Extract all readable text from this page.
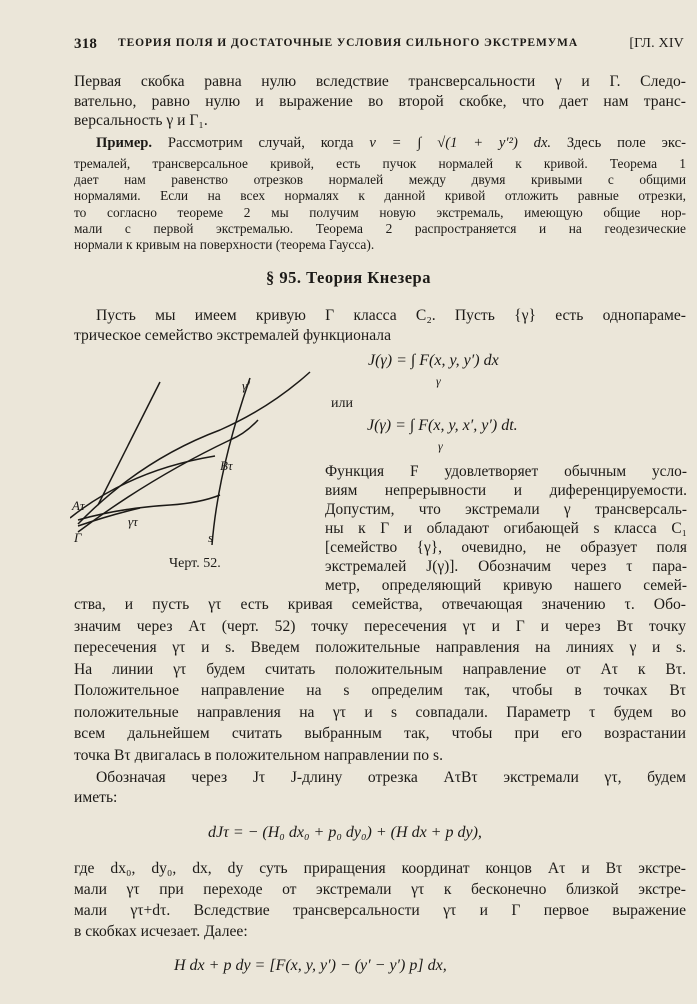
318 ТЕОРИЯ ПОЛЯ И ДОСТАТОЧНЫЕ УСЛОВИЯ СИЛЬНОГО ЭКСТРЕМУМА	[ГЛ. XIV
Первая скобка равна нулю вследствие трансверсальности γ и Γ. Следо-
вательно, равно нулю и выражение во второй скобке, что дает нам транс-
версальность γ и Γ₁.
Пример. Рассмотрим случай, когда v = ∫ √(1 + y′²) dx. Здесь поле экс-
тремалей, трансверсальное кривой, есть пучок нормалей к кривой. Теорема 1
дает нам равенство отрезков нормалей между двумя кривыми с общими
нормалями. Если на всех нормалях к данной кривой отложить равные отрезки,
то согласно теореме 2 мы получим новую экстремаль, имеющую общие нор-
мали с первой экстремалью. Теорема 2 распространяется и на геодезические
нормали к кривым на поверхности (теорема Гаусса).
§ 95. Теория Кнезера
Пусть мы имеем кривую Γ класса C₂. Пусть {γ} есть однопараме-
трическое семейство экстремалей функционала
J(γ) = ∫ F(x, y, y′) dx
γ
или
J(γ) = ∫ F(x, y, x′, y′) dt.
γ
γ′
Bτ
Aτ
γτ
Γ	s
Черт. 52.
Функция F удовлетворяет обычным усло-
виям непрерывности и диференцируемости.
Допустим, что экстремали γ трансверсаль-
ны к Γ и обладают огибающей s класса C₁
[семейство {γ}, очевидно, не образует поля
экстремалей J(γ)]. Обозначим через τ пара-
метр, определяющий кривую нашего семей-
ства, и пусть γτ есть кривая семейства, отвечающая значению τ. Обо-
значим через Aτ (черт. 52) точку пересечения γτ и Γ и через Bτ точку
пересечения γτ и s. Введем положительные направления на линиях γ и s.
На линии γτ будем считать положительным направление от Aτ к Bτ.
Положительное направление на s определим так, чтобы в точках Bτ
положительные направления на γτ и s совпадали. Параметр τ будем во
всем дальнейшем считать выбранным так, чтобы при его возрастании
точка Bτ двигалась в положительном направлении по s.
Обозначая через Jτ J-длину отрезка AτBτ экстремали γτ, будем
иметь:
dJτ = − (H₀ dx₀ + p₀ dy₀) + (H dx + p dy),
где dx₀, dy₀, dx, dy суть приращения координат концов Aτ и Bτ экстре-
мали γτ при переходе от экстремали γτ к бесконечно близкой экстре-
мали γτ+dτ. Вследствие трансверсальности γτ и Γ первое выражение
в скобках исчезает. Далее:
H dx + p dy = [F(x, y, y′) − (y′ − y′) p] dx,
